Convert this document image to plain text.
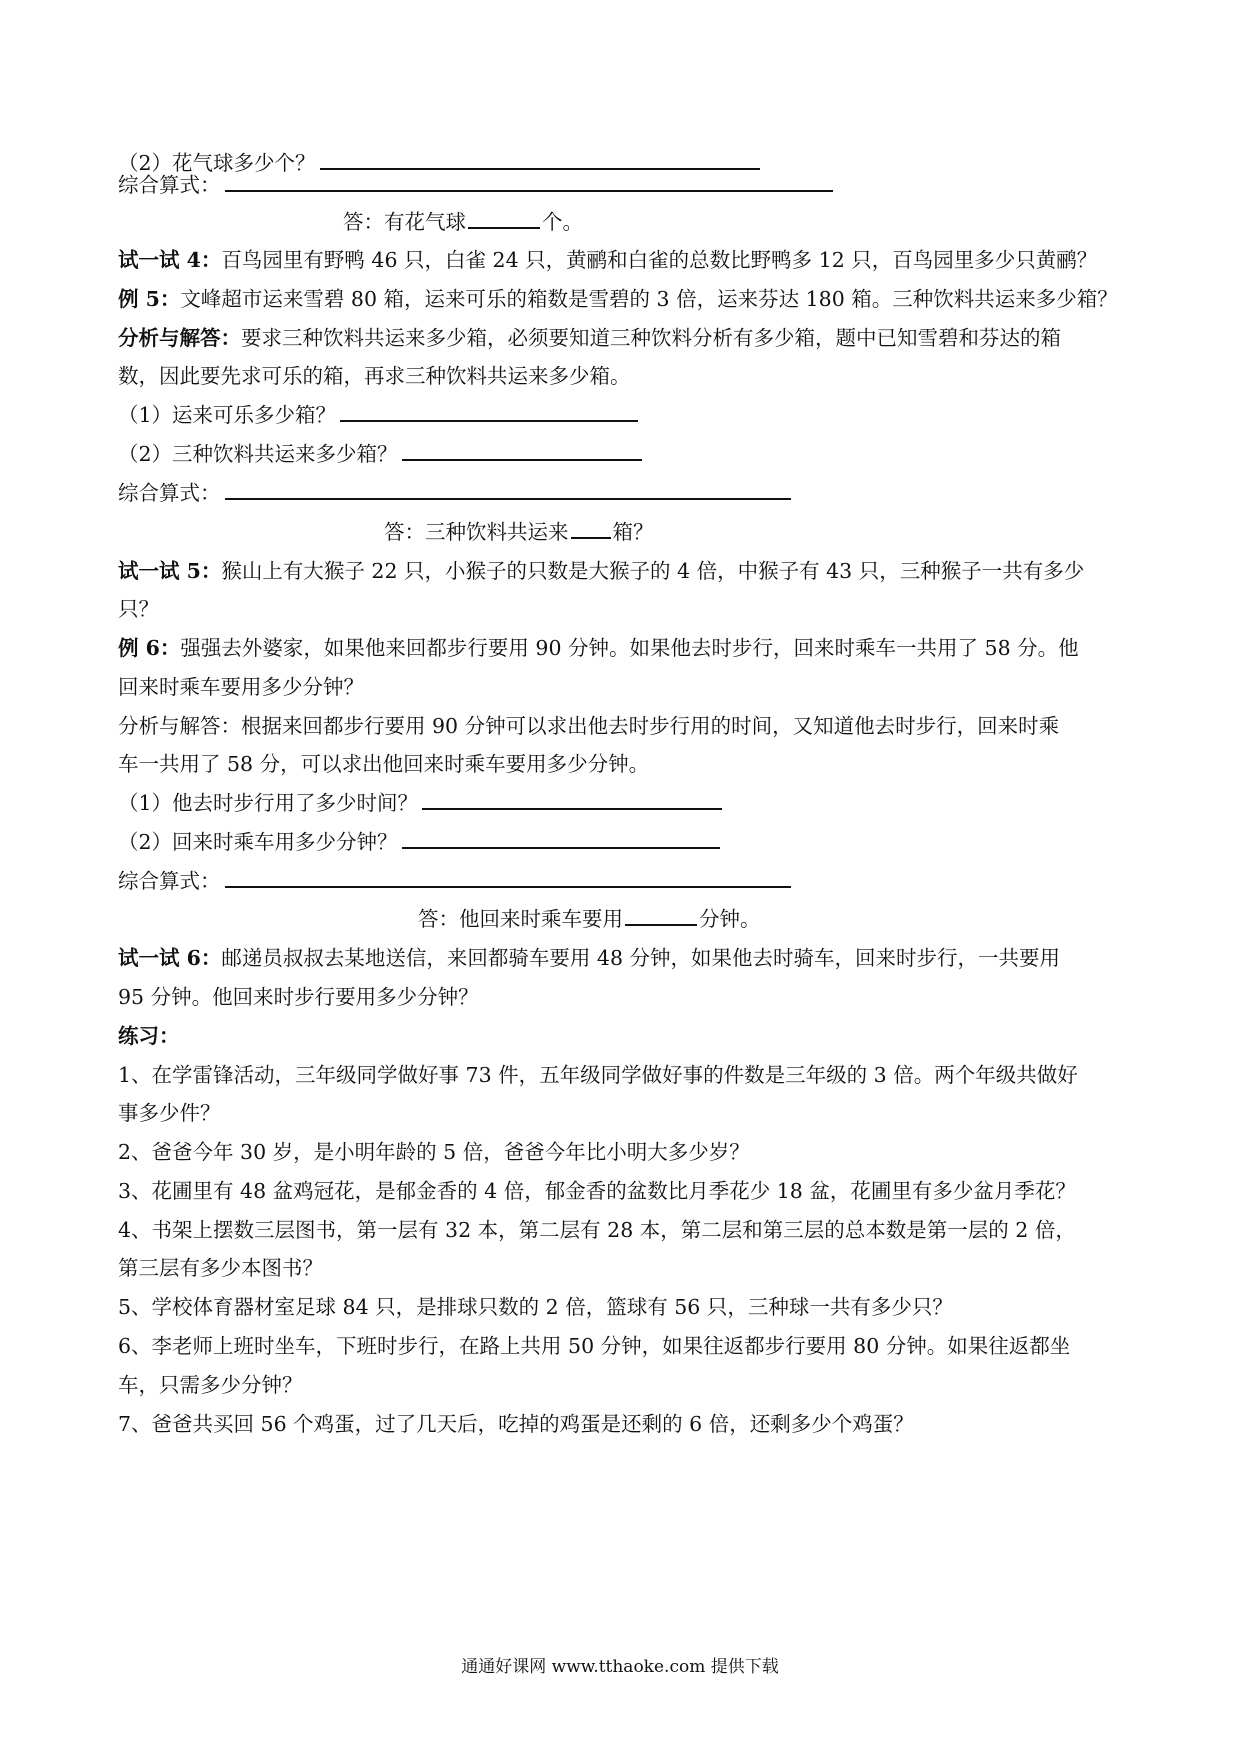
（2）花气球多少个？
综合算式：
答：有花气球	个。
试一试 4：百鸟园里有野鸭 46 只，白雀 24 只，黄鹂和白雀的总数比野鸭多 12 只，百鸟园里多少只黄鹂？
例 5：文峰超市运来雪碧 80 箱，运来可乐的箱数是雪碧的 3 倍，运来芬达 180 箱。三种饮料共运来多少箱？
分析与解答：要求三种饮料共运来多少箱，必须要知道三种饮料分析有多少箱，题中已知雪碧和芬达的箱
数，因此要先求可乐的箱，再求三种饮料共运来多少箱。
（1）运来可乐多少箱？
（2）三种饮料共运来多少箱？
综合算式：
答：三种饮料共运来 箱？
试一试 5：猴山上有大猴子 22 只，小猴子的只数是大猴子的 4 倍，中猴子有 43 只，三种猴子一共有多少
只？
例 6：强强去外婆家，如果他来回都步行要用 90 分钟。如果他去时步行，回来时乘车一共用了 58 分。他
回来时乘车要用多少分钟？
分析与解答：根据来回都步行要用 90 分钟可以求出他去时步行用的时间，又知道他去时步行，回来时乘
车一共用了 58 分，可以求出他回来时乘车要用多少分钟。
（1）他去时步行用了多少时间？
（2）回来时乘车用多少分钟？
综合算式：
答：他回来时乘车要用	分钟。
试一试 6：邮递员叔叔去某地送信，来回都骑车要用 48 分钟，如果他去时骑车，回来时步行，一共要用
95 分钟。他回来时步行要用多少分钟？
练习：
1、在学雷锋活动，三年级同学做好事 73 件，五年级同学做好事的件数是三年级的 3 倍。两个年级共做好
事多少件？
2、爸爸今年 30 岁，是小明年龄的 5 倍，爸爸今年比小明大多少岁？
3、花圃里有 48 盆鸡冠花，是郁金香的 4 倍，郁金香的盆数比月季花少 18 盆，花圃里有多少盆月季花？
4、书架上摆数三层图书，第一层有 32 本，第二层有 28 本，第二层和第三层的总本数是第一层的 2 倍，
第三层有多少本图书？
5、学校体育器材室足球 84 只，是排球只数的 2 倍，篮球有 56 只，三种球一共有多少只？
6、李老师上班时坐车，下班时步行，在路上共用 50 分钟，如果往返都步行要用 80 分钟。如果往返都坐
车，只需多少分钟？
7、爸爸共买回 56 个鸡蛋，过了几天后，吃掉的鸡蛋是还剩的 6 倍，还剩多少个鸡蛋？
通通好课网 www.tthaoke.com 提供下载
